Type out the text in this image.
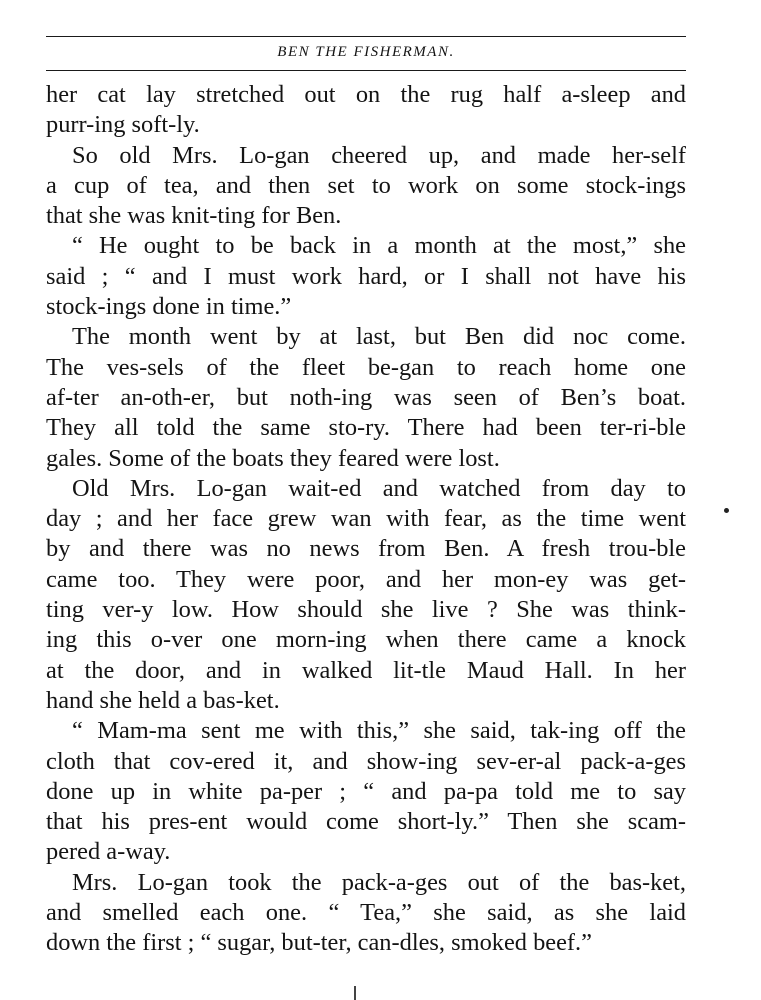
BEN THE FISHERMAN.
her cat lay stretched out on the rug half a-sleep and
purr-ing soft-ly.
So old Mrs. Lo-gan cheered up, and made her-self
a cup of tea, and then set to work on some stock-ings
that she was knit-ting for Ben.
“ He ought to be back in a month at the most,” she
said ; “ and I must work hard, or I shall not have his
stock-ings done in time.”
The month went by at last, but Ben did noc come.
The ves-sels of the fleet be-gan to reach home one
af-ter an-oth-er, but noth-ing was seen of Ben’s boat.
They all told the same sto-ry. There had been ter-ri-ble
gales. Some of the boats they feared were lost.
Old Mrs. Lo-gan wait-ed and watched from day to
day ; and her face grew wan with fear, as the time went
by and there was no news from Ben. A fresh trou-ble
came too. They were poor, and her mon-ey was get-
ting ver-y low. How should she live ? She was think-
ing this o-ver one morn-ing when there came a knock
at the door, and in walked lit-tle Maud Hall. In her
hand she held a bas-ket.
“ Mam-ma sent me with this,” she said, tak-ing off the
cloth that cov-ered it, and show-ing sev-er-al pack-a-ges
done up in white pa-per ; “ and pa-pa told me to say
that his pres-ent would come short-ly.” Then she scam-
pered a-way.
Mrs. Lo-gan took the pack-a-ges out of the bas-ket,
and smelled each one. “ Tea,” she said, as she laid
down the first ; “ sugar, but-ter, can-dles, smoked beef.”
